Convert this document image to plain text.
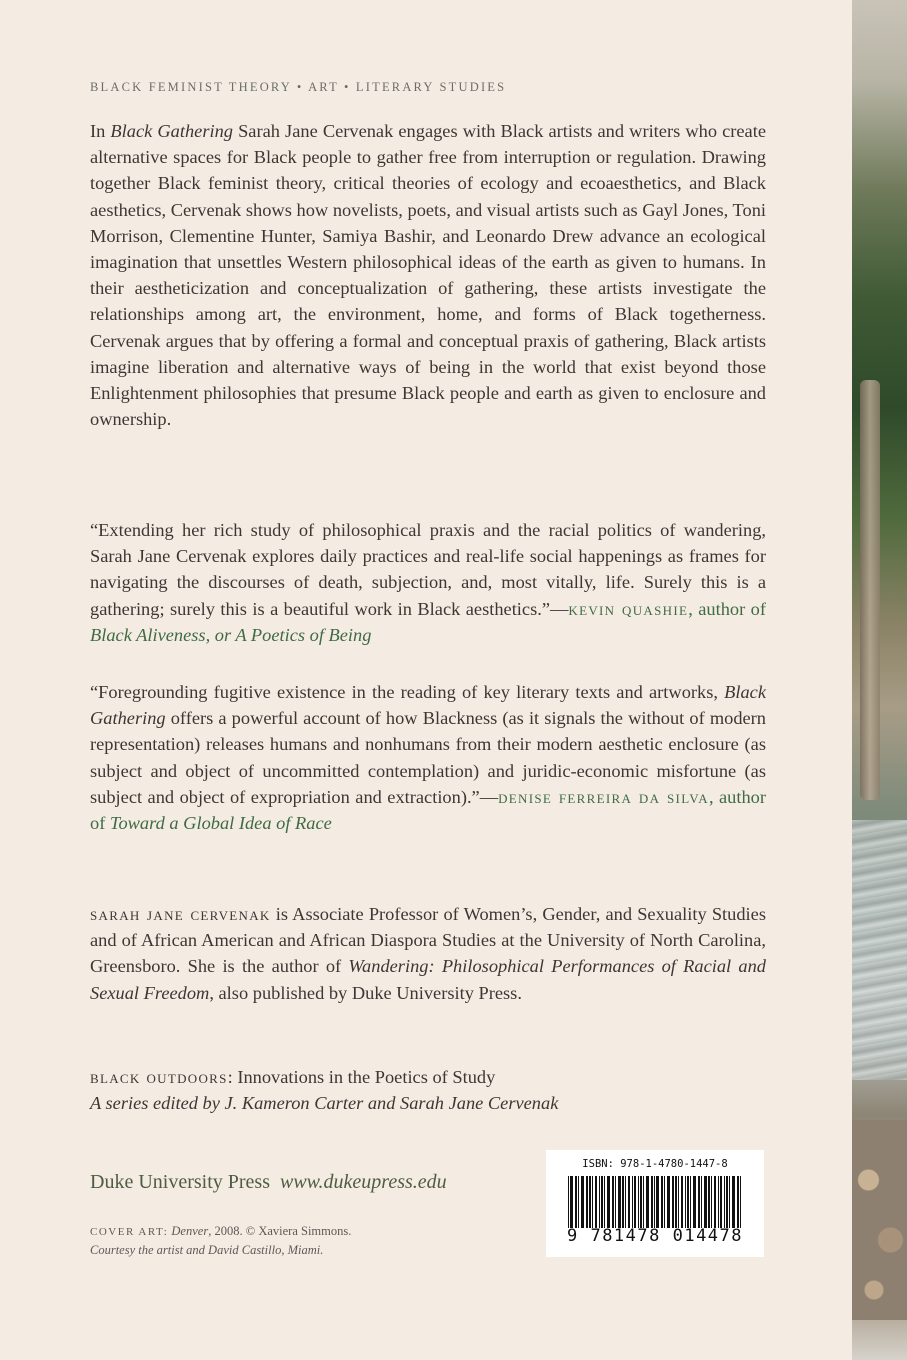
BLACK FEMINIST THEORY • ART • LITERARY STUDIES

In Black Gathering Sarah Jane Cervenak engages with Black artists and writers who create alternative spaces for Black people to gather free from interruption or regulation. Drawing together Black feminist theory, critical theories of ecology and ecoaesthetics, and Black aesthetics, Cervenak shows how novelists, poets, and visual artists such as Gayl Jones, Toni Morrison, Clementine Hunter, Samiya Bashir, and Leonardo Drew advance an ecological imagination that unsettles Western philosophical ideas of the earth as given to humans. In their aestheticization and conceptualization of gathering, these artists investigate the relationships among art, the environment, home, and forms of Black togetherness. Cervenak argues that by offering a formal and conceptual praxis of gathering, Black artists imagine liberation and alternative ways of being in the world that exist beyond those Enlightenment philosophies that presume Black people and earth as given to enclosure and ownership.

“Extending her rich study of philosophical praxis and the racial politics of wandering, Sarah Jane Cervenak explores daily practices and real-life social happenings as frames for navigating the discourses of death, subjection, and, most vitally, life. Surely this is a gathering; surely this is a beautiful work in Black aesthetics.”—kevin quashie, author of Black Aliveness, or A Poetics of Being

“Foregrounding fugitive existence in the reading of key literary texts and artworks, Black Gathering offers a powerful account of how Blackness (as it signals the without of modern representation) releases humans and nonhumans from their modern aesthetic enclosure (as subject and object of uncommitted contemplation) and juridic-economic misfortune (as subject and object of expropriation and extraction).”—denise ferreira da silva, author of Toward a Global Idea of Race

sarah jane cervenak is Associate Professor of Women’s, Gender, and Sexuality Studies and of African American and African Diaspora Studies at the University of North Carolina, Greensboro. She is the author of Wandering: Philosophical Performances of Racial and Sexual Freedom, also published by Duke University Press.

black outdoors: Innovations in the Poetics of Study
A series edited by J. Kameron Carter and Sarah Jane Cervenak

Duke University Press www.dukeupress.edu
COVER ART: Denver, 2008. © Xaviera Simmons.
Courtesy the artist and David Castillo, Miami.
ISBN: 978-1-4780-1447-8
9 781478 014478
